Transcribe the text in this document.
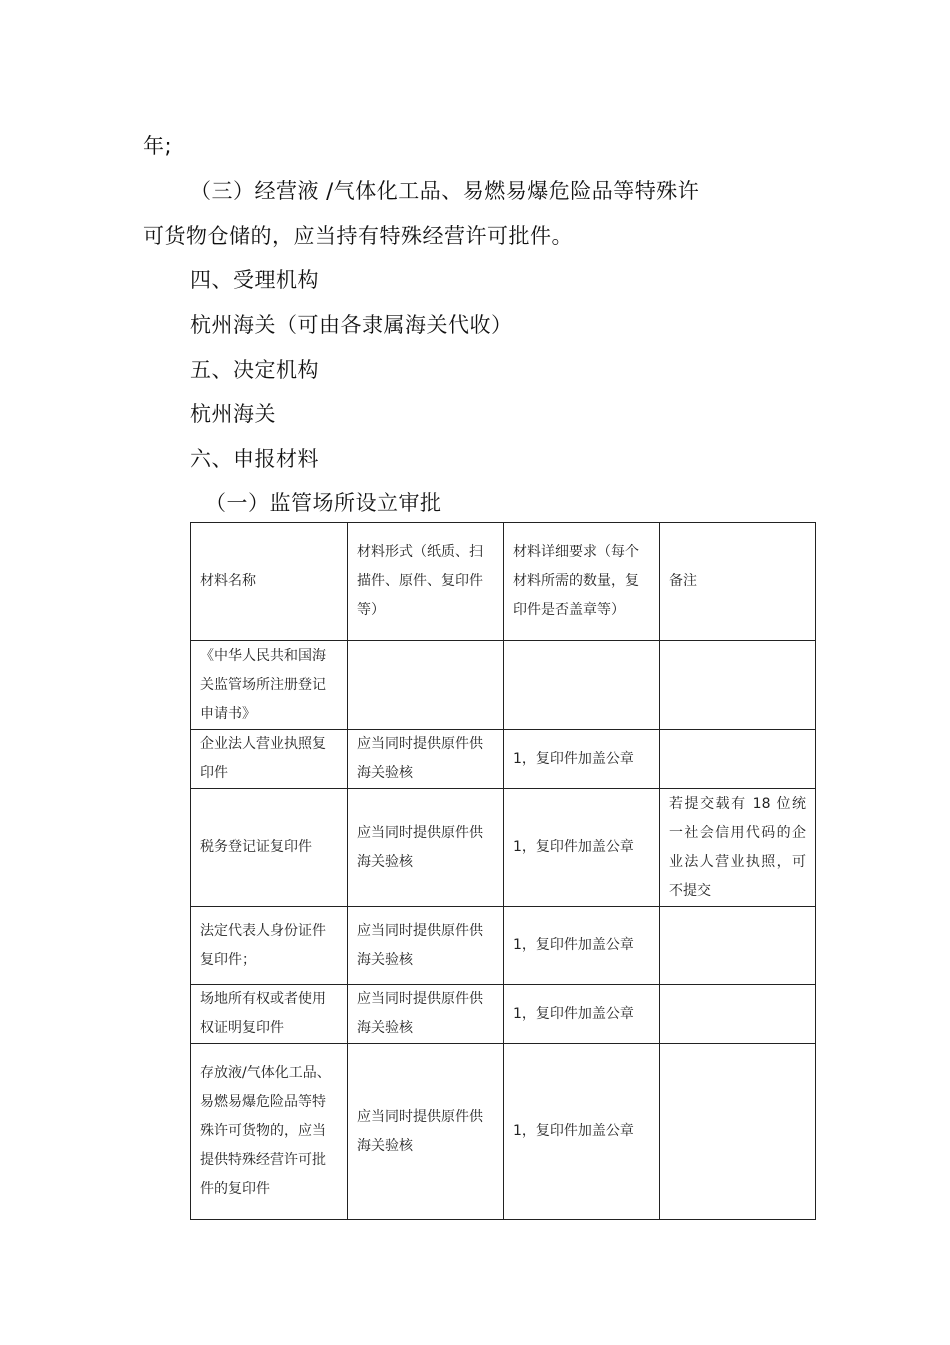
年;
（三）经营液 /气体化工品、易燃易爆危险品等特殊许
可货物仓储的，应当持有特殊经营许可批件。
四、受理机构
杭州海关（可由各隶属海关代收）
五、决定机构
杭州海关
六、申报材料
（一）监管场所设立审批
材料名称	材料形式（纸质、扫描件、原件、复印件等）	材料详细要求（每个材料所需的数量，复印件是否盖章等）	备注

《中华人民共和国海关监管场所注册登记申请书》			

企业法人营业执照复印件	应当同时提供原件供海关验核	1，复印件加盖公章	

税务登记证复印件	应当同时提供原件供海关验核	1，复印件加盖公章	若提交载有 18 位统一社会信用代码的企业法人营业执照，可不提交

法定代表人身份证件复印件；	应当同时提供原件供海关验核	1，复印件加盖公章	

场地所有权或者使用权证明复印件	应当同时提供原件供海关验核	1，复印件加盖公章	

存放液/气体化工品、易燃易爆危险品等特殊许可货物的，应当提供特殊经营许可批件的复印件	应当同时提供原件供海关验核	1，复印件加盖公章	
